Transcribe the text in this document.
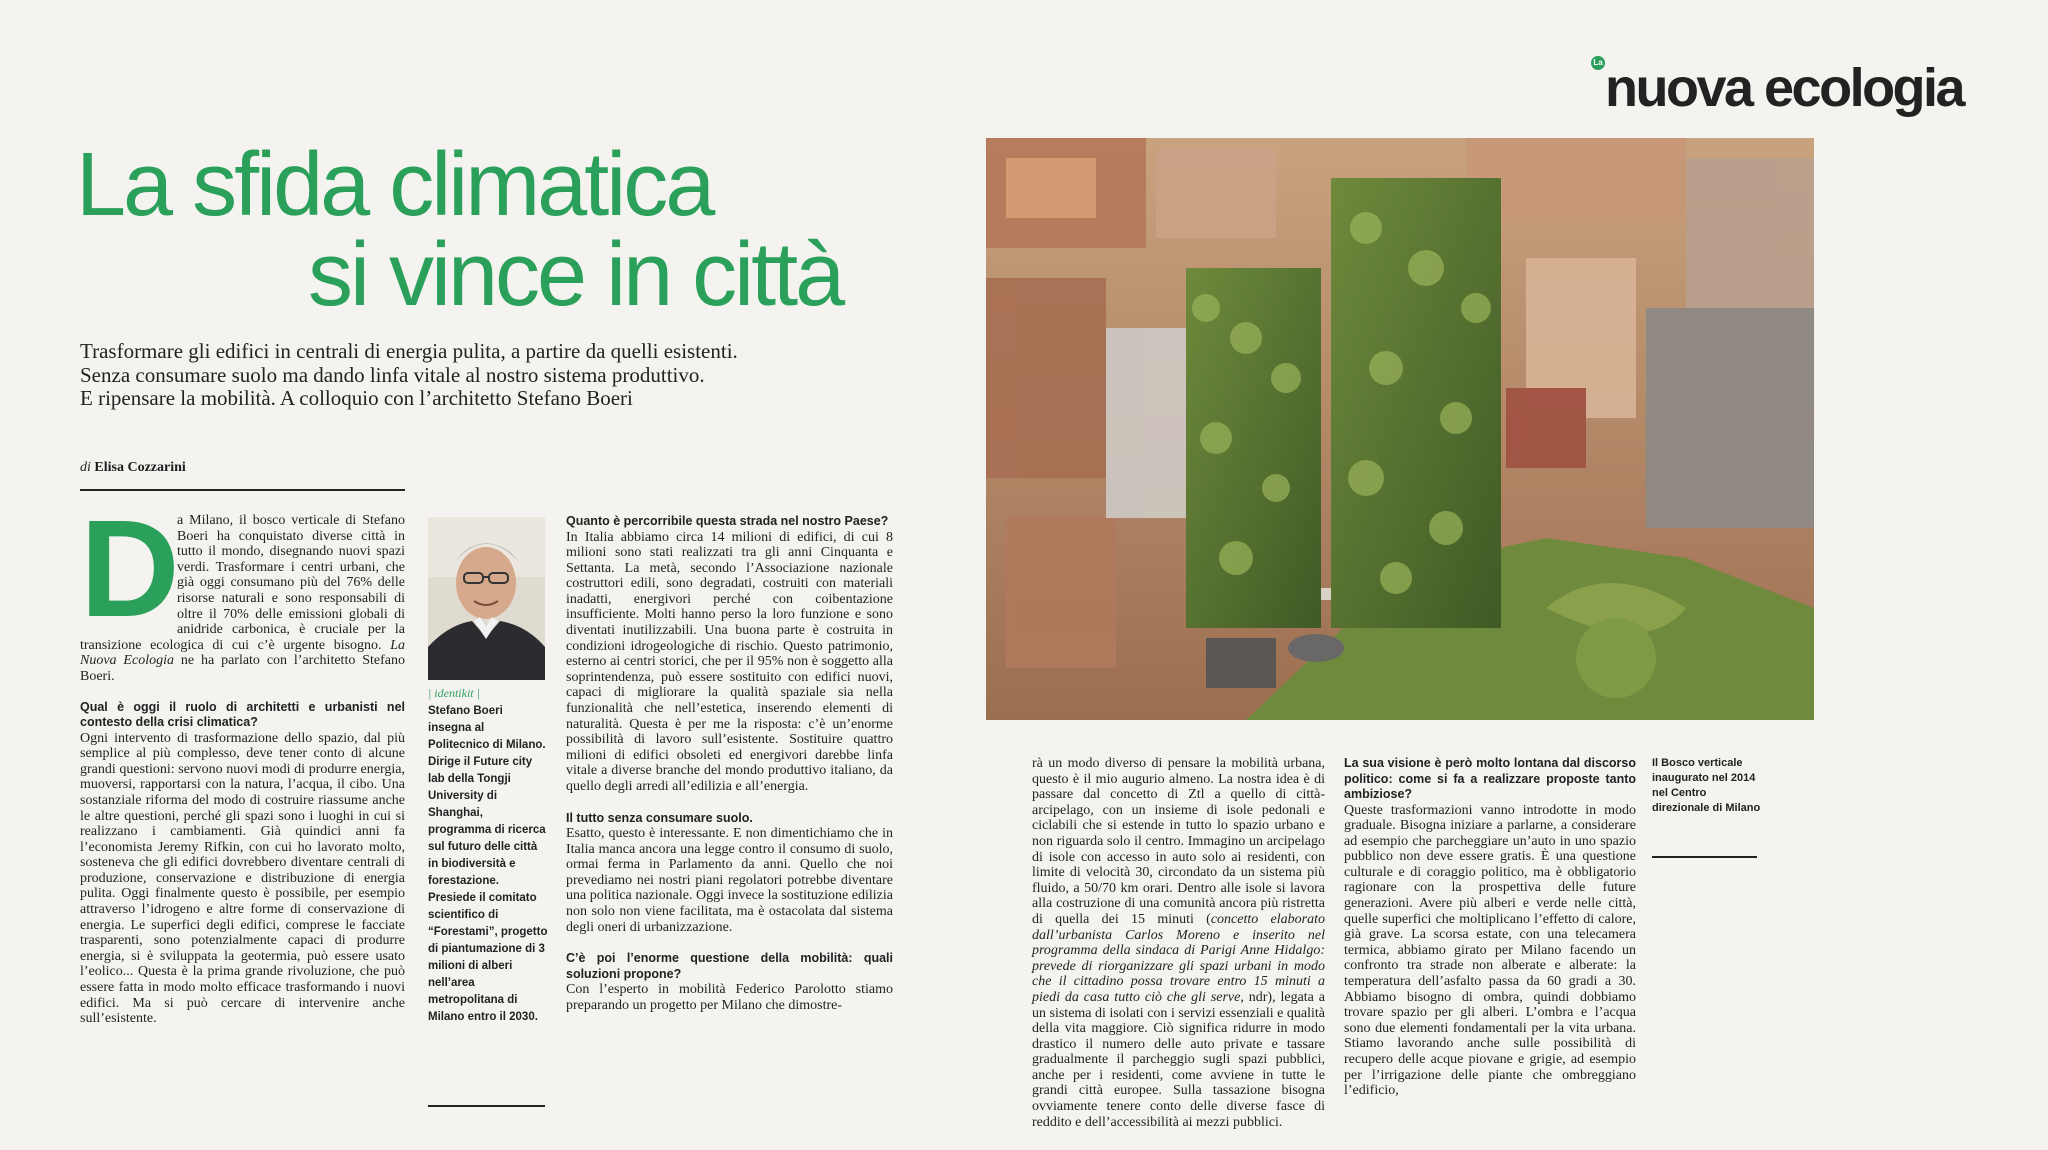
La sfida climatica
si vince in città
Trasformare gli edifici in centrali di energia pulita, a partire da quelli esistenti.
Senza consumare suolo ma dando linfa vitale al nostro sistema produttivo.
E ripensare la mobilità. A colloquio con l’architetto Stefano Boeri

di Elisa Cozzarini

D

a Milano, il bosco verticale di Stefano Boeri ha conquistato diverse città in tutto il mondo, disegnando nuovi spazi verdi. Trasformare i centri urbani, che già oggi consumano più del 76% delle risorse naturali e sono responsabili di oltre il 70% delle emissioni globali di anidride carbonica, è cruciale per la transizione ecologica di cui c’è urgente bisogno. La Nuova Ecologia ne ha parlato con l’architetto Stefano Boeri.

Qual è oggi il ruolo di architetti e urbanisti nel contesto della crisi climatica?

Ogni intervento di trasformazione dello spazio, dal più semplice al più complesso, deve tener conto di alcune grandi questioni: servono nuovi modi di produrre energia, muoversi, rapportarsi con la natura, l’acqua, il cibo. Una sostanziale riforma del modo di costruire riassume anche le altre questioni, perché gli spazi sono i luoghi in cui si realizzano i cambiamenti. Già quindici anni fa l’economista Jeremy Rifkin, con cui ho lavorato molto, sosteneva che gli edifici dovrebbero diventare centrali di produzione, conservazione e distribuzione di energia pulita. Oggi finalmente questo è possibile, per esempio attraverso l’idrogeno e altre forme di conservazione di energia. Le superfici degli edifici, comprese le facciate trasparenti, sono potenzialmente capaci di produrre energia, si è sviluppata la geotermia, può essere usato l’eolico... Questa è la prima grande rivoluzione, che può essere fatta in modo molto efficace trasformando i nuovi edifici. Ma si può cercare di intervenire anche sull’esistente.

| identikit |
Stefano Boeri insegna al Politecnico di Milano. Dirige il Future city lab della Tongji University di Shanghai, programma di ricerca sul futuro delle città in biodiversità e forestazione. Presiede il comitato scientifico di “Forestami”, progetto di piantumazione di 3 milioni di alberi nell’area metropolitana di Milano entro il 2030.

Quanto è percorribile questa strada nel nostro Paese?

In Italia abbiamo circa 14 milioni di edifici, di cui 8 milioni sono stati realizzati tra gli anni Cinquanta e Settanta. La metà, secondo l’Associazione nazionale costruttori edili, sono degradati, costruiti con materiali inadatti, energivori perché con coibentazione insufficiente. Molti hanno perso la loro funzione e sono diventati inutilizzabili. Una buona parte è costruita in condizioni idrogeologiche di rischio. Questo patrimonio, esterno ai centri storici, che per il 95% non è soggetto alla soprintendenza, può essere sostituito con edifici nuovi, capaci di migliorare la qualità spaziale sia nella funzionalità che nell’estetica, inserendo elementi di naturalità. Questa è per me la risposta: c’è un’enorme possibilità di lavoro sull’esistente. Sostituire quattro milioni di edifici obsoleti ed energivori darebbe linfa vitale a diverse branche del mondo produttivo italiano, da quello degli arredi all’edilizia e all’energia.

Il tutto senza consumare suolo.

Esatto, questo è interessante. E non dimentichiamo che in Italia manca ancora una legge contro il consumo di suolo, ormai ferma in Parlamento da anni. Quello che noi prevediamo nei nostri piani regolatori potrebbe diventare una politica nazionale. Oggi invece la sostituzione edilizia non solo non viene facilitata, ma è ostacolata dal sistema degli oneri di urbanizzazione.

C’è poi l’enorme questione della mobilità: quali soluzioni propone?

Con l’esperto in mobilità Federico Parolotto stiamo preparando un progetto per Milano che dimostre-

La nuova ecologia

rà un modo diverso di pensare la mobilità urbana, questo è il mio augurio almeno. La nostra idea è di passare dal concetto di Ztl a quello di città-arcipelago, con un insieme di isole pedonali e ciclabili che si estende in tutto lo spazio urbano e non riguarda solo il centro. Immagino un arcipelago di isole con accesso in auto solo ai residenti, con limite di velocità 30, circondato da un sistema più fluido, a 50/70 km orari. Dentro alle isole si lavora alla costruzione di una comunità ancora più ristretta di quella dei 15 minuti (concetto elaborato dall’urbanista Carlos Moreno e inserito nel programma della sindaca di Parigi Anne Hidalgo: prevede di riorganizzare gli spazi urbani in modo che il cittadino possa trovare entro 15 minuti a piedi da casa tutto ciò che gli serve, ndr), legata a un sistema di isolati con i servizi essenziali e qualità della vita maggiore. Ciò significa ridurre in modo drastico il numero delle auto private e tassare gradualmente il parcheggio sugli spazi pubblici, anche per i residenti, come avviene in tutte le grandi città europee. Sulla tassazione bisogna ovviamente tenere conto delle diverse fasce di reddito e dell’accessibilità ai mezzi pubblici.

La sua visione è però molto lontana dal discorso politico: come si fa a realizzare proposte tanto ambiziose?

Queste trasformazioni vanno introdotte in modo graduale. Bisogna iniziare a parlarne, a considerare ad esempio che parcheggiare un’auto in uno spazio pubblico non deve essere gratis. È una questione culturale e di coraggio politico, ma è obbligatorio ragionare con la prospettiva delle future generazioni. Avere più alberi e verde nelle città, quelle superfici che moltiplicano l’effetto di calore, già grave. La scorsa estate, con una telecamera termica, abbiamo girato per Milano facendo un confronto tra strade non alberate e alberate: la temperatura dell’asfalto passa da 60 gradi a 30. Abbiamo bisogno di ombra, quindi dobbiamo trovare spazio per gli alberi. L’ombra e l’acqua sono due elementi fondamentali per la vita urbana. Stiamo lavorando anche sulle possibilità di recupero delle acque piovane e grigie, ad esempio per l’irrigazione delle piante che ombreggiano l’edificio,

Il Bosco verticale inaugurato nel 2014 nel Centro direzionale di Milano
